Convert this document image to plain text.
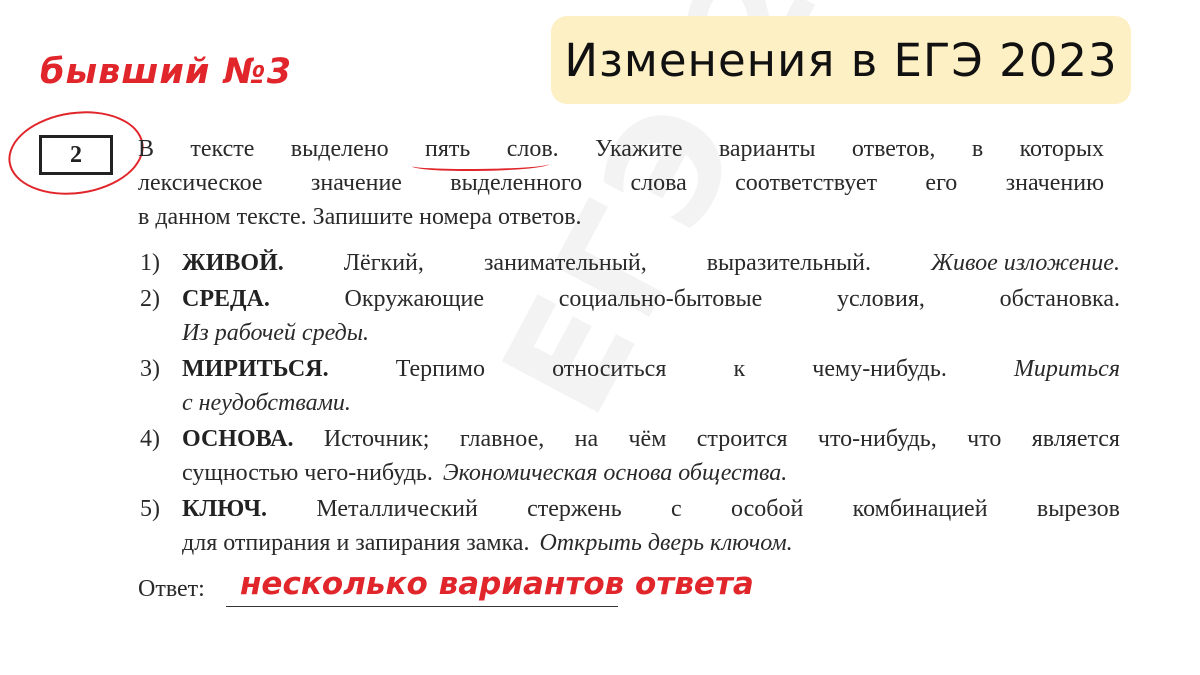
Изменения в ЕГЭ 2023
бывший №3
2 В тексте выделено пять слов. Укажите варианты ответов, в которых
лексическое значение выделенного слова соответствует его значению
в данном тексте. Запишите номера ответов.
1) ЖИВОЙ.	Лёгкий,	занимательный,	выразительный.	Живое изложение.
2) СРЕДА.	Окружающие	социально-бытовые	условия,	обстановка.
Из рабочей среды.
3) МИРИТЬСЯ.	Терпимо	относиться	к	чему-нибудь.	Мириться
с неудобствами.
4) ОСНОВА. Источник; главное, на чём строится что-нибудь, что является
сущностью чего-нибудь. Экономическая основа общества.
5) КЛЮЧ. Металлический стержень с особой комбинацией вырезов
для отпирания и запирания замка. Открыть дверь ключом.
Ответ: несколько вариантов ответа
